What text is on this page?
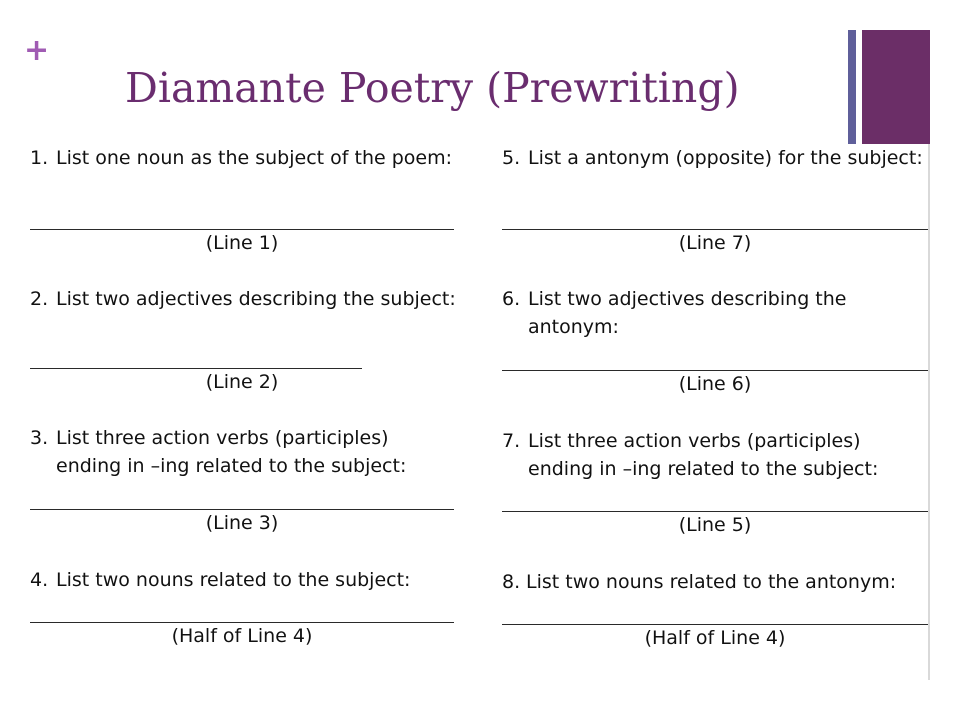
+
Diamante Poetry (Prewriting)
1. List one noun as the subject of the poem:
(Line 1)
2. List two adjectives describing the subject:
(Line 2)
3. List three action verbs (participles) ending in –ing related to the subject:
(Line 3)
4. List two nouns related to the subject:
(Half of Line 4)
5. List a antonym (opposite) for the subject:
(Line 7)
6. List two adjectives describing the antonym:
(Line 6)
7. List three action verbs (participles) ending in –ing related to the subject:
(Line 5)
8. List two nouns related to the antonym:
(Half of Line 4)
